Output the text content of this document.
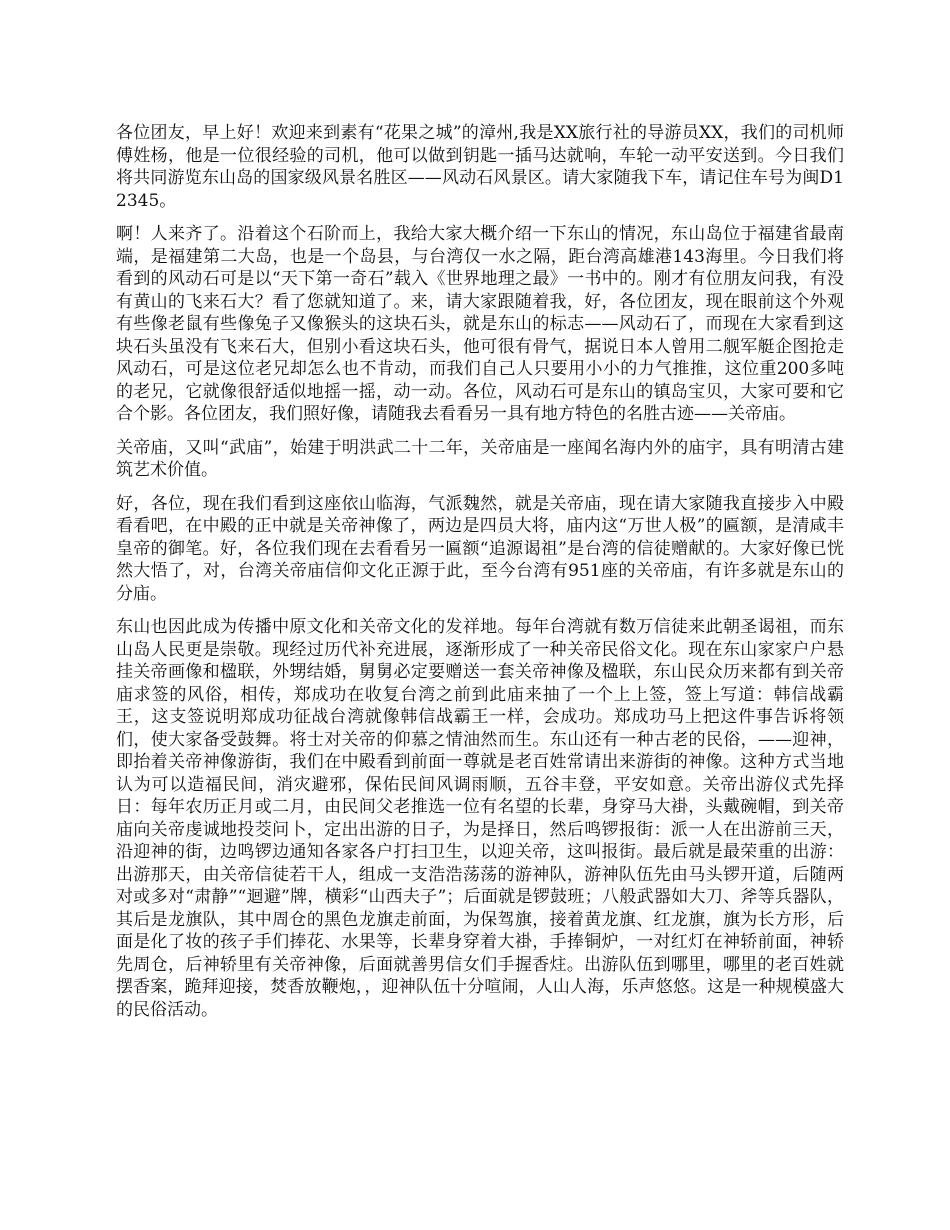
各位团友，早上好！欢迎来到素有“花果之城”的漳州,我是XX旅行社的导游员XX，我们的司机师傅姓杨，他是一位很经验的司机，他可以做到钥匙一插马达就响，车轮一动平安送到。今日我们将共同游览东山岛的国家级风景名胜区——风动石风景区。请大家随我下车，请记住车号为闽D12345。

啊！人来齐了。沿着这个石阶而上，我给大家大概介绍一下东山的情况，东山岛位于福建省最南端，是福建第二大岛，也是一个岛县，与台湾仅一水之隔，距台湾高雄港143海里。今日我们将看到的风动石可是以“天下第一奇石”载入《世界地理之最》一书中的。刚才有位朋友问我，有没有黄山的飞来石大？看了您就知道了。来，请大家跟随着我，好，各位团友，现在眼前这个外观有些像老鼠有些像兔子又像猴头的这块石头，就是东山的标志——风动石了，而现在大家看到这块石头虽没有飞来石大，但别小看这块石头，他可很有骨气，据说日本人曾用二舰军艇企图抢走风动石，可是这位老兄却怎么也不肯动，而我们自己人只要用小小的力气推推，这位重200多吨的老兄，它就像很舒适似地摇一摇，动一动。各位，风动石可是东山的镇岛宝贝，大家可要和它合个影。各位团友，我们照好像，请随我去看看另一具有地方特色的名胜古迹——关帝庙。

关帝庙，又叫“武庙”，始建于明洪武二十二年，关帝庙是一座闻名海内外的庙宇，具有明清古建筑艺术价值。

好，各位，现在我们看到这座依山临海，气派魏然，就是关帝庙，现在请大家随我直接步入中殿看看吧，在中殿的正中就是关帝神像了，两边是四员大将，庙内这“万世人极”的匾额，是清咸丰皇帝的御笔。好，各位我们现在去看看另一匾额“追源谒祖”是台湾的信徒赠献的。大家好像已恍然大悟了，对，台湾关帝庙信仰文化正源于此，至今台湾有951座的关帝庙，有许多就是东山的分庙。

东山也因此成为传播中原文化和关帝文化的发祥地。每年台湾就有数万信徒来此朝圣谒祖，而东山岛人民更是崇敬。现经过历代补充进展，逐渐形成了一种关帝民俗文化。现在东山家家户户悬挂关帝画像和楹联，外甥结婚，舅舅必定要赠送一套关帝神像及楹联，东山民众历来都有到关帝庙求签的风俗，相传，郑成功在收复台湾之前到此庙来抽了一个上上签，签上写道：韩信战霸王，这支签说明郑成功征战台湾就像韩信战霸王一样，会成功。郑成功马上把这件事告诉将领们，使大家备受鼓舞。将士对关帝的仰慕之情油然而生。东山还有一种古老的民俗，——迎神，即抬着关帝神像游街，我们在中殿看到前面一尊就是老百姓常请出来游街的神像。这种方式当地认为可以造福民间，消灾避邪，保佑民间风调雨顺，五谷丰登，平安如意。关帝出游仪式先择日：每年农历正月或二月，由民间父老推选一位有名望的长辈，身穿马大褂，头戴碗帽，到关帝庙向关帝虔诚地投茭问卜，定出出游的日子，为是择日，然后鸣锣报街：派一人在出游前三天，沿迎神的街，边鸣锣边通知各家各户打扫卫生，以迎关帝，这叫报街。最后就是最荣重的出游：出游那天，由关帝信徒若干人，组成一支浩浩荡荡的游神队，游神队伍先由马头锣开道，后随两对或多对“肃静”“迴避”牌，横彩“山西夫子”；后面就是锣鼓班；八般武器如大刀、斧等兵器队，其后是龙旗队，其中周仓的黑色龙旗走前面，为保驾旗，接着黄龙旗、红龙旗，旗为长方形，后面是化了妆的孩子手们捧花、水果等，长辈身穿着大褂，手捧铜炉，一对红灯在神轿前面，神轿先周仓，后神轿里有关帝神像，后面就善男信女们手握香炷。出游队伍到哪里，哪里的老百姓就摆香案，跪拜迎接，焚香放鞭炮，，迎神队伍十分喧闹，人山人海，乐声悠悠。这是一种规模盛大的民俗活动。
